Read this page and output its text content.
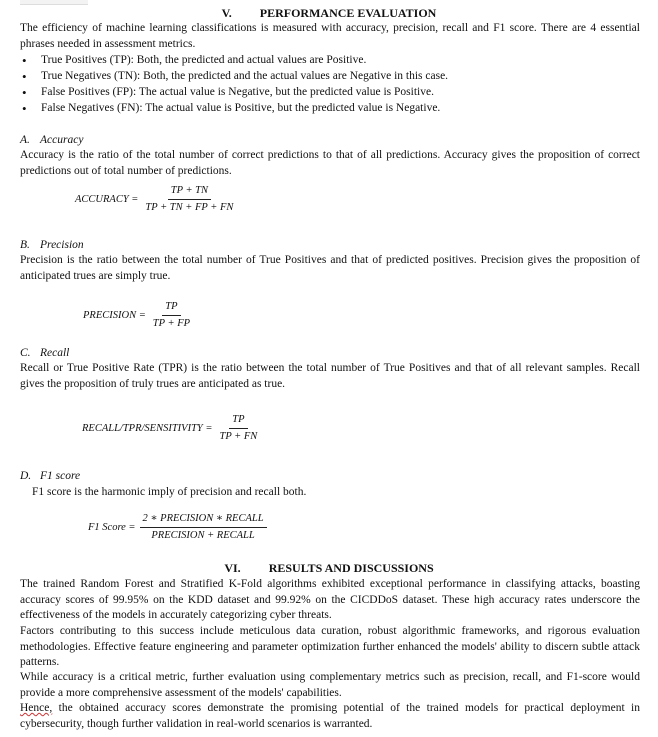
V. PERFORMANCE EVALUATION
The efficiency of machine learning classifications is measured with accuracy, precision, recall and F1 score. There are 4 essential phrases needed in assessment metrics.
• True Positives (TP): Both, the predicted and actual values are Positive.
• True Negatives (TN): Both, the predicted and the actual values are Negative in this case.
• False Positives (FP): The actual value is Negative, but the predicted value is Positive.
• False Negatives (FN): The actual value is Positive, but the predicted value is Negative.
A. Accuracy
Accuracy is the ratio of the total number of correct predictions to that of all predictions. Accuracy gives the proposition of correct predictions out of total number of predictions.
ACCURACY = $\frac{TP + TN}{TP + TN + FP + FN}$
B. Precision
Precision is the ratio between the total number of True Positives and that of predicted positives. Precision gives the proposition of anticipated trues are simply true.
PRECISION = $\frac{TP}{TP + FP}$
C. Recall
Recall or True Positive Rate (TPR) is the ratio between the total number of True Positives and that of all relevant samples. Recall gives the proposition of truly trues are anticipated as true.
RECALL/TPR/SENSITIVITY = $\frac{TP}{TP + FN}$
D. F1 score
F1 score is the harmonic imply of precision and recall both.
F1 Score = $\frac{\text{2 ∗ PRECISION ∗ RECALL}}{\text{PRECISION + RECALL}}$
VI. RESULTS AND DISCUSSIONS
The trained Random Forest and Stratified K-Fold algorithms exhibited exceptional performance in classifying attacks, boasting accuracy scores of 99.95% on the KDD dataset and 99.92% on the CICDDoS dataset. These high accuracy rates underscore the effectiveness of the models in accurately categorizing cyber threats.
Factors contributing to this success include meticulous data curation, robust algorithmic frameworks, and rigorous evaluation methodologies. Effective feature engineering and parameter optimization further enhanced the models' ability to discern subtle attack patterns.
While accuracy is a critical metric, further evaluation using complementary metrics such as precision, recall, and F1-score would provide a more comprehensive assessment of the models' capabilities.
Hence, the obtained accuracy scores demonstrate the promising potential of the trained models for practical deployment in cybersecurity, though further validation in real-world scenarios is warranted.
